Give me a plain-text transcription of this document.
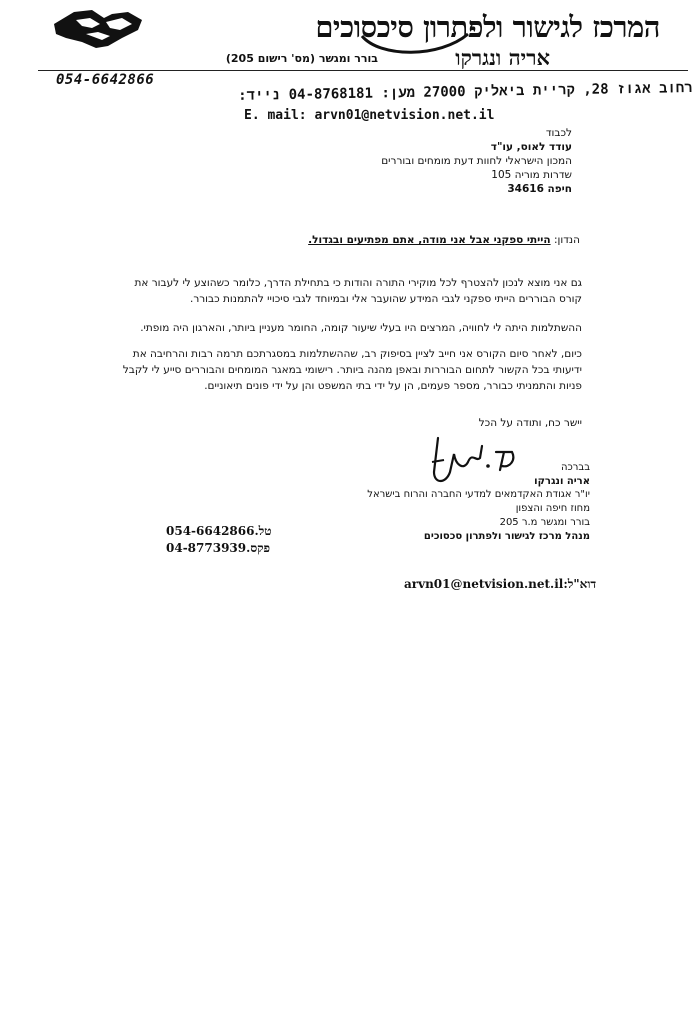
המרכז לגישור ולפתרון סיכסוכים
אריה ונגרקו
בורר ומגשר (מס' רישום 205)
054-6642866
רחוב אגוז 28, קריית ביאליק 27000 מען: 04-8768181 נייד:
E. mail: arvn01@netvision.net.il
לכבוד
עודד לאוס, עו"ד
המכון הישראלי לחוות דעת מומחים ובוררים
שדרות מוריה 105
חיפה 34616
הנדון: הייתי ספקני אבל אני מודה, אתם מפתיעים ובגדול.
גם אני מוצא לנכון להצטרף לכל מוקירי התורה והודות כי בתחילת הדרך, כלומר כשהוצע לי לעבור את קורס הבוררים הייתי ספקני לגבי המידע שהועבר אלי ובמיוחד לגבי סיכויי להתמנות כבורר.
ההשתלמות היתה לי לחוויה, המרצים היו בעלי שיעור קומה, החומר מעניין ביותר, והארגון היה מופתי.
כיום, לאחר סיום הקורס אני חייב לציין בסיפוק רב, שההשתלמות במסגרתכם תרמה רבות והרחיבה את ידיעותי בכל הקשור לתחום הבוררות ובאפן מהנה ביותר. רישומי במאגר המומחים והבוררים סייע לי לקבל פניות והתמניתי כבורר, מספר פעמים, הן על ידי בתי המשפט והן על ידי פונים תיאוניים.
יישר כח, ותודה על הכל
בברכה
אריה ונגרקו
יו"ר אגודת האקדמאים למדעי החברה והרוח בישראל
מחוז חיפה והצפון
בורר ומגשר מ.ר 205
מנהל מרכז לגישור ולפתרון סכסוכים
054-6642866.טל
04-8773939.פקס
arvn01@netvision.net.il:דוא"ל
